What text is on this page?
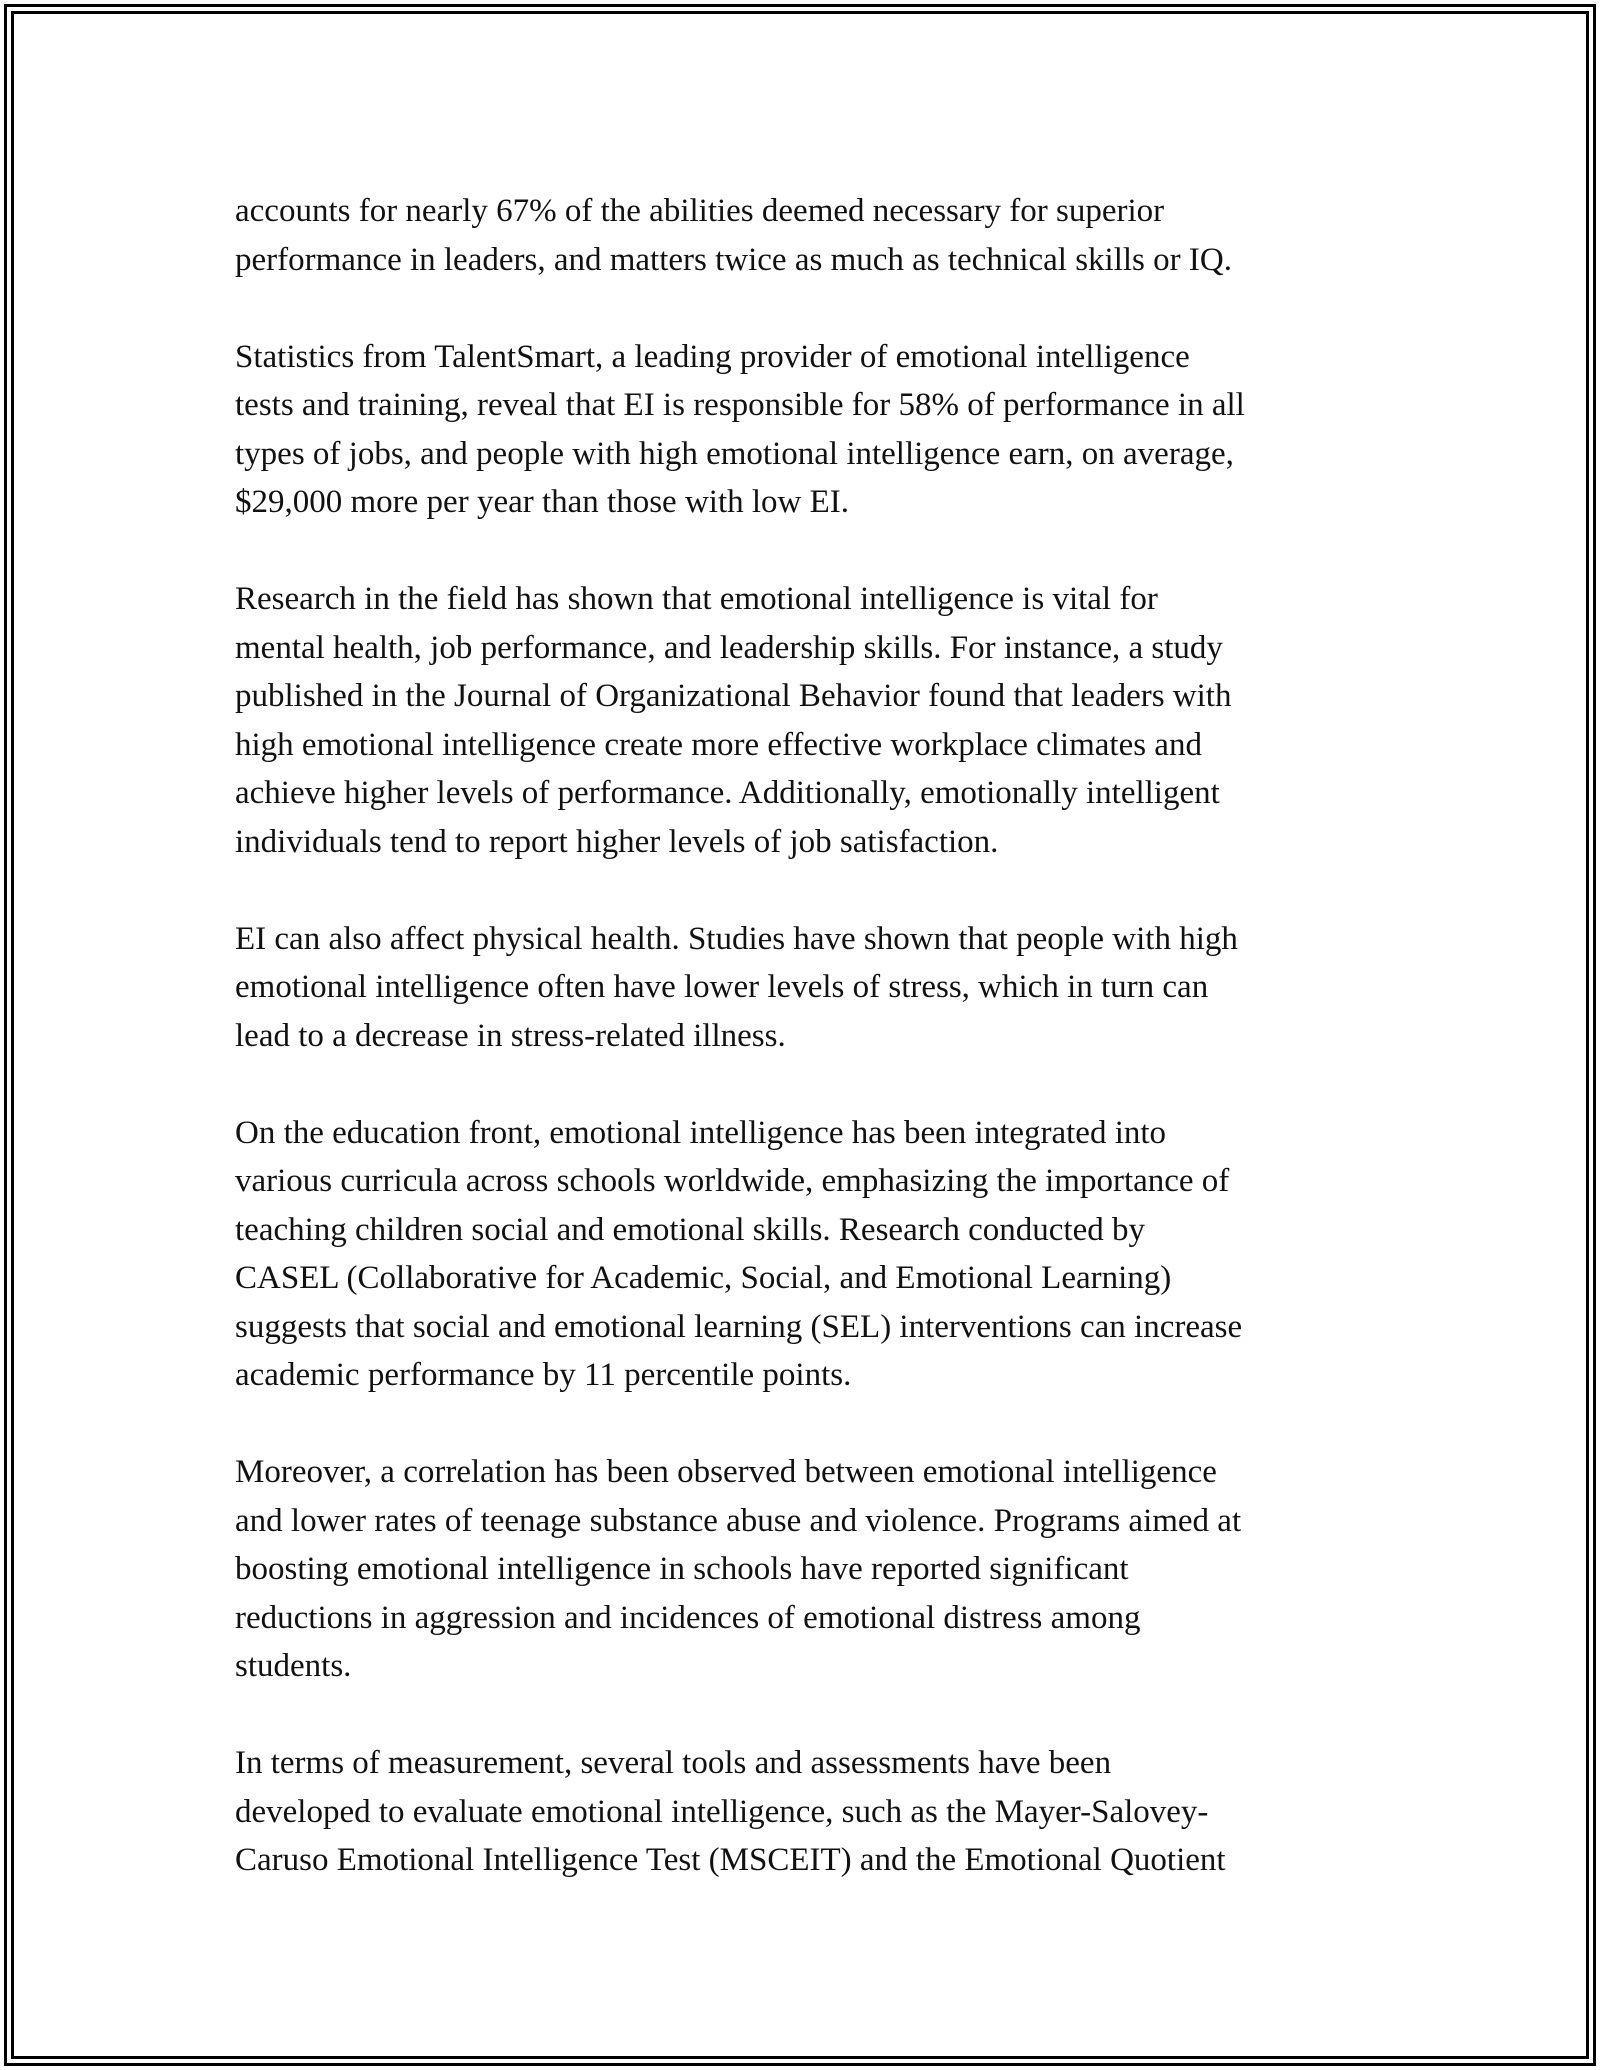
accounts for nearly 67% of the abilities deemed necessary for superior
performance in leaders, and matters twice as much as technical skills or IQ.

Statistics from TalentSmart, a leading provider of emotional intelligence
tests and training, reveal that EI is responsible for 58% of performance in all
types of jobs, and people with high emotional intelligence earn, on average,
$29,000 more per year than those with low EI.

Research in the field has shown that emotional intelligence is vital for
mental health, job performance, and leadership skills. For instance, a study
published in the Journal of Organizational Behavior found that leaders with
high emotional intelligence create more effective workplace climates and
achieve higher levels of performance. Additionally, emotionally intelligent
individuals tend to report higher levels of job satisfaction.

EI can also affect physical health. Studies have shown that people with high
emotional intelligence often have lower levels of stress, which in turn can
lead to a decrease in stress-related illness.

On the education front, emotional intelligence has been integrated into
various curricula across schools worldwide, emphasizing the importance of
teaching children social and emotional skills. Research conducted by
CASEL (Collaborative for Academic, Social, and Emotional Learning)
suggests that social and emotional learning (SEL) interventions can increase
academic performance by 11 percentile points.

Moreover, a correlation has been observed between emotional intelligence
and lower rates of teenage substance abuse and violence. Programs aimed at
boosting emotional intelligence in schools have reported significant
reductions in aggression and incidences of emotional distress among
students.

In terms of measurement, several tools and assessments have been
developed to evaluate emotional intelligence, such as the Mayer-Salovey-
Caruso Emotional Intelligence Test (MSCEIT) and the Emotional Quotient
